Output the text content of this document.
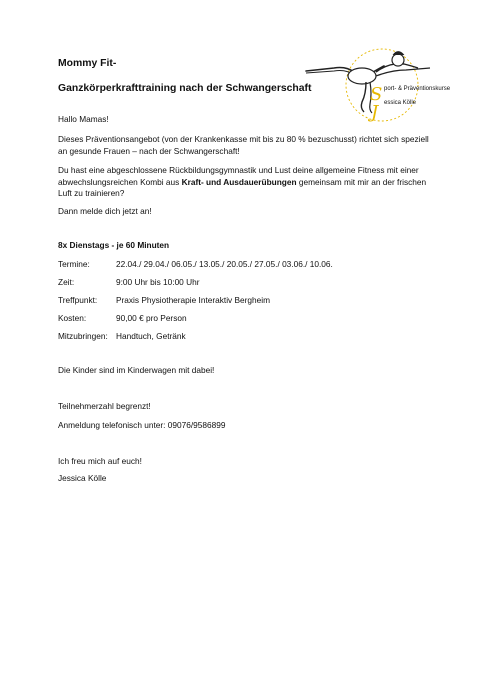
Mommy Fit-
Ganzkörperkrafttraining nach der Schwangerschaft	S
J
port- & Präventionskurse
essica Kölle
Hallo Mamas!
Dieses Präventionsangebot (von der Krankenkasse mit bis zu 80 % bezuschusst) richtet sich speziell an gesunde Frauen – nach der Schwangerschaft!
Du hast eine abgeschlossene Rückbildungsgymnastik und Lust deine allgemeine Fitness mit einer abwechslungsreichen Kombi aus Kraft- und Ausdauerübungen gemeinsam mit mir an der frischen Luft zu trainieren?
Dann melde dich jetzt an!
8x Dienstags - je 60 Minuten
Termine:	22.04./ 29.04./ 06.05./ 13.05./ 20.05./ 27.05./ 03.06./ 10.06.
Zeit:	9:00 Uhr bis 10:00 Uhr
Treffpunkt: Praxis Physiotherapie Interaktiv Bergheim
Kosten:	90,00 € pro Person
Mitzubringen: Handtuch, Getränk
Die Kinder sind im Kinderwagen mit dabei!
Teilnehmerzahl begrenzt!
Anmeldung telefonisch unter: 09076/9586899
Ich freu mich auf euch!
Jessica Kölle
